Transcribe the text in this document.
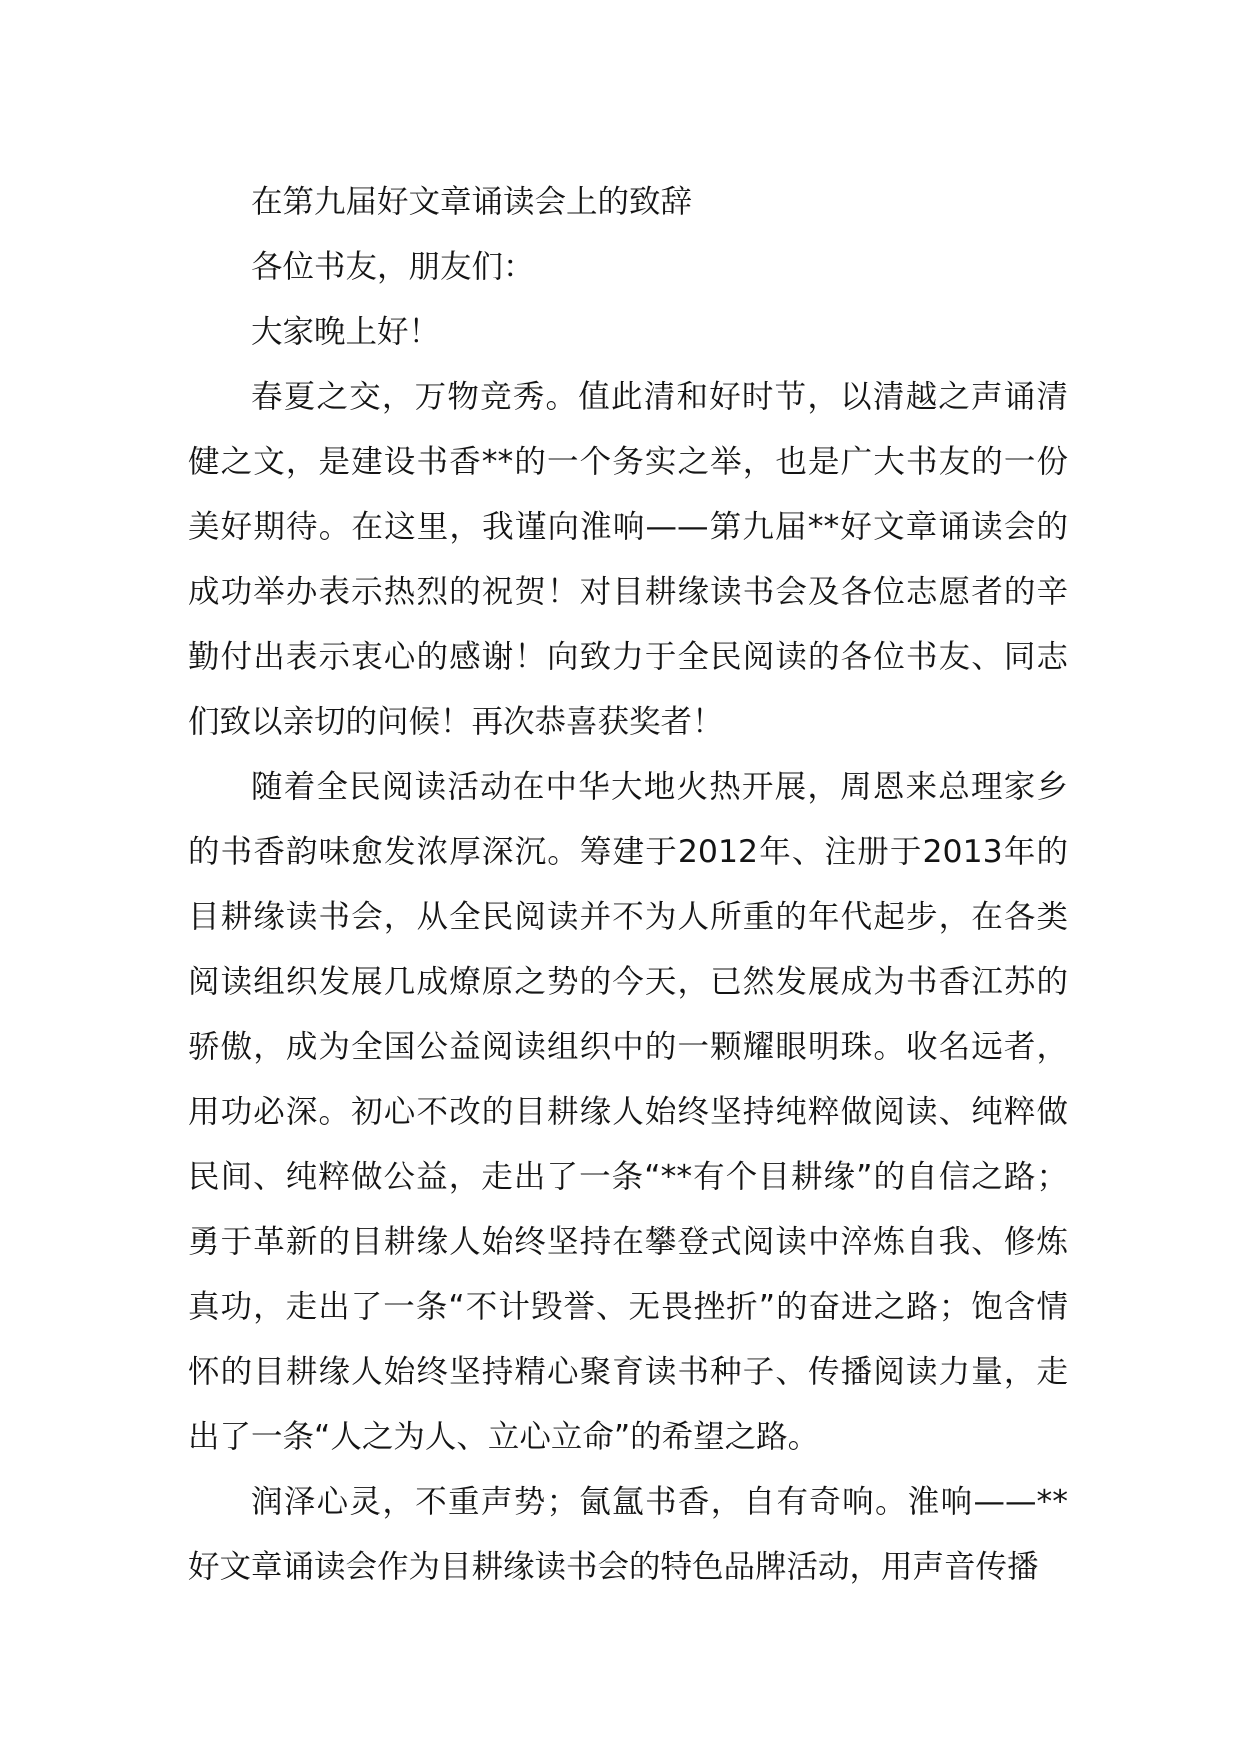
在第九届好文章诵读会上的致辞

各位书友，朋友们：

大家晚上好！

春夏之交，万物竞秀。值此清和好时节，以清越之声诵清健之文，是建设书香**的一个务实之举，也是广大书友的一份美好期待。在这里，我谨向淮响——第九届**好文章诵读会的成功举办表示热烈的祝贺！对目耕缘读书会及各位志愿者的辛勤付出表示衷心的感谢！向致力于全民阅读的各位书友、同志们致以亲切的问候！再次恭喜获奖者！

随着全民阅读活动在中华大地火热开展，周恩来总理家乡的书香韵味愈发浓厚深沉。筹建于2012年、注册于2013年的目耕缘读书会，从全民阅读并不为人所重的年代起步，在各类阅读组织发展几成燎原之势的今天，已然发展成为书香江苏的骄傲，成为全国公益阅读组织中的一颗耀眼明珠。收名远者，用功必深。初心不改的目耕缘人始终坚持纯粹做阅读、纯粹做民间、纯粹做公益，走出了一条“**有个目耕缘”的自信之路；勇于革新的目耕缘人始终坚持在攀登式阅读中淬炼自我、修炼真功，走出了一条“不计毁誉、无畏挫折”的奋进之路；饱含情怀的目耕缘人始终坚持精心聚育读书种子、传播阅读力量，走出了一条“人之为人、立心立命”的希望之路。

润泽心灵，不重声势；氤氲书香，自有奇响。淮响——**好文章诵读会作为目耕缘读书会的特色品牌活动，用声音传播
